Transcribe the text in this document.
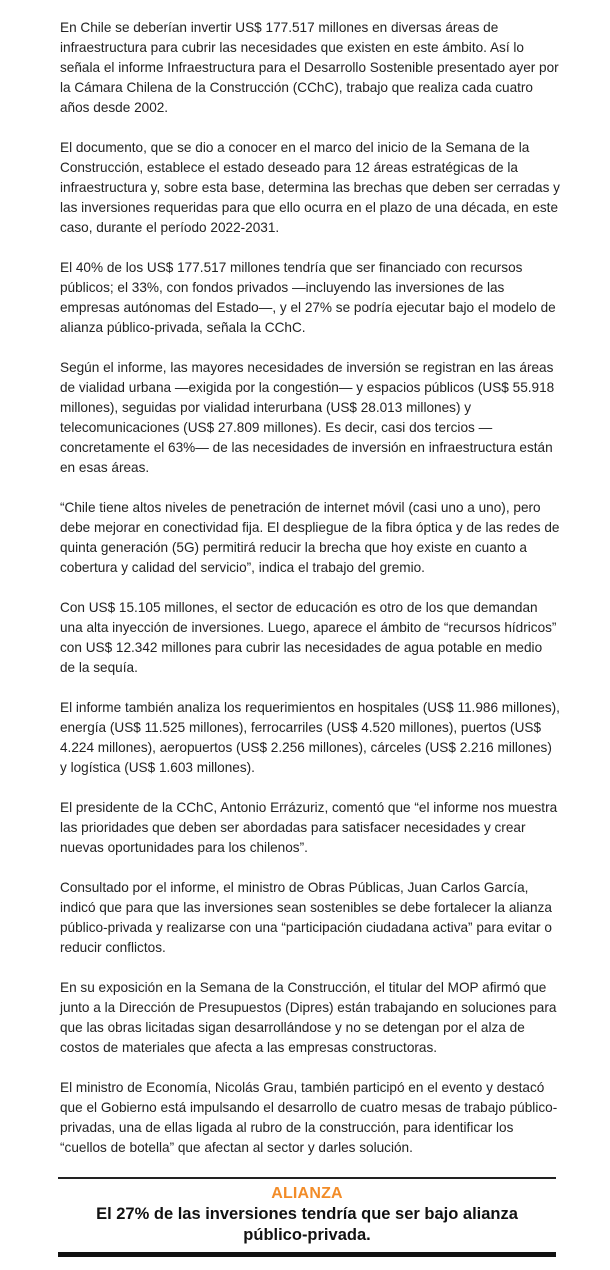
En Chile se deberían invertir US$ 177.517 millones en diversas áreas de infraestructura para cubrir las necesidades que existen en este ámbito. Así lo señala el informe Infraestructura para el Desarrollo Sostenible presentado ayer por la Cámara Chilena de la Construcción (CChC), trabajo que realiza cada cuatro años desde 2002.

El documento, que se dio a conocer en el marco del inicio de la Semana de la Construcción, establece el estado deseado para 12 áreas estratégicas de la infraestructura y, sobre esta base, determina las brechas que deben ser cerradas y las inversiones requeridas para que ello ocurra en el plazo de una década, en este caso, durante el período 2022-2031.

El 40% de los US$ 177.517 millones tendría que ser financiado con recursos públicos; el 33%, con fondos privados —incluyendo las inversiones de las empresas autónomas del Estado—, y el 27% se podría ejecutar bajo el modelo de alianza público-privada, señala la CChC.

Según el informe, las mayores necesidades de inversión se registran en las áreas de vialidad urbana —exigida por la congestión— y espacios públicos (US$ 55.918 millones), seguidas por vialidad interurbana (US$ 28.013 millones) y telecomunicaciones (US$ 27.809 millones). Es decir, casi dos tercios —concretamente el 63%— de las necesidades de inversión en infraestructura están en esas áreas.

“Chile tiene altos niveles de penetración de internet móvil (casi uno a uno), pero debe mejorar en conectividad fija. El despliegue de la fibra óptica y de las redes de quinta generación (5G) permitirá reducir la brecha que hoy existe en cuanto a cobertura y calidad del servicio”, indica el trabajo del gremio.

Con US$ 15.105 millones, el sector de educación es otro de los que demandan una alta inyección de inversiones. Luego, aparece el ámbito de “recursos hídricos” con US$ 12.342 millones para cubrir las necesidades de agua potable en medio de la sequía.

El informe también analiza los requerimientos en hospitales (US$ 11.986 millones), energía (US$ 11.525 millones), ferrocarriles (US$ 4.520 millones), puertos (US$ 4.224 millones), aeropuertos (US$ 2.256 millones), cárceles (US$ 2.216 millones) y logística (US$ 1.603 millones).

El presidente de la CChC, Antonio Errázuriz, comentó que “el informe nos muestra las prioridades que deben ser abordadas para satisfacer necesidades y crear nuevas oportunidades para los chilenos”.

Consultado por el informe, el ministro de Obras Públicas, Juan Carlos García, indicó que para que las inversiones sean sostenibles se debe fortalecer la alianza público-privada y realizarse con una “participación ciudadana activa” para evitar o reducir conflictos.

En su exposición en la Semana de la Construcción, el titular del MOP afirmó que junto a la Dirección de Presupuestos (Dipres) están trabajando en soluciones para que las obras licitadas sigan desarrollándose y no se detengan por el alza de costos de materiales que afecta a las empresas constructoras.

El ministro de Economía, Nicolás Grau, también participó en el evento y destacó que el Gobierno está impulsando el desarrollo de cuatro mesas de trabajo público-privadas, una de ellas ligada al rubro de la construcción, para identificar los “cuellos de botella” que afectan al sector y darles solución.

ALIANZA
El 27% de las inversiones tendría que ser bajo alianza público-privada.
